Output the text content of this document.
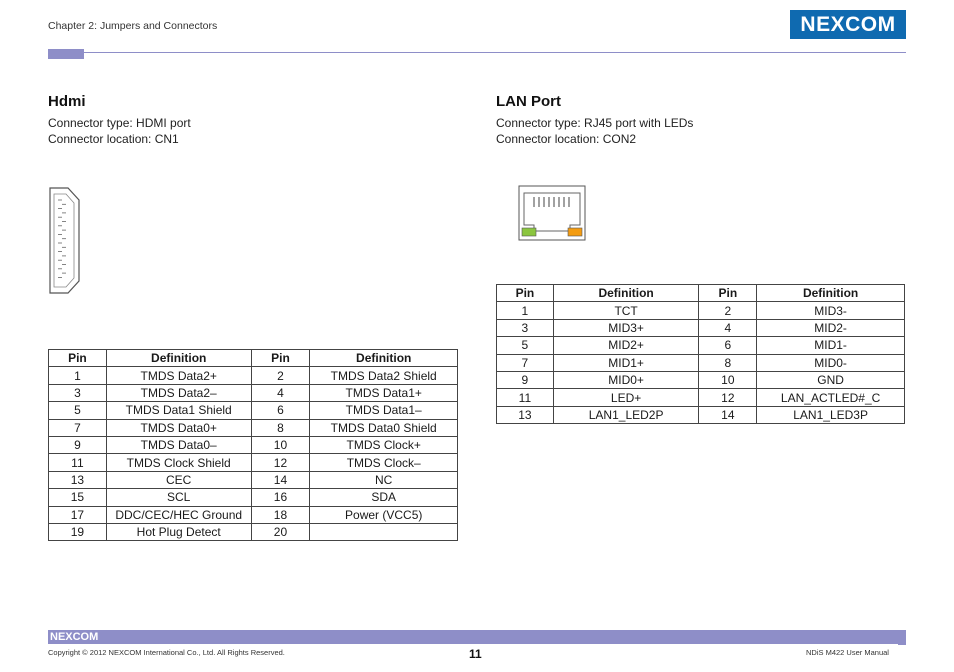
Chapter 2: Jumpers and Connectors	NEXCOM
Hdmi
Connector type: HDMI port
Connector location: CN1
Pin	Definition	Pin	Definition
1	TMDS Data2+	2	TMDS Data2 Shield
3	TMDS Data2–	4	TMDS Data1+
5	TMDS Data1 Shield	6	TMDS Data1–
7	TMDS Data0+	8	TMDS Data0 Shield
9	TMDS Data0–	10	TMDS Clock+
11	TMDS Clock Shield	12	TMDS Clock–
13	CEC	14	NC
15	SCL	16	SDA
17	DDC/CEC/HEC Ground	18	Power (VCC5)
19	Hot Plug Detect	20	
LAN Port
Connector type: RJ45 port with LEDs
Connector location: CON2
Pin	Definition	Pin	Definition
1	TCT	2	MID3-
3	MID3+	4	MID2-
5	MID2+	6	MID1-
7	MID1+	8	MID0-
9	MID0+	10	GND
11	LED+	12	LAN_ACTLED#_C
13	LAN1_LED2P	14	LAN1_LED3P
NEXCOM
Copyright © 2012 NEXCOM International Co., Ltd. All Rights Reserved.	11	NDiS M422 User Manual
